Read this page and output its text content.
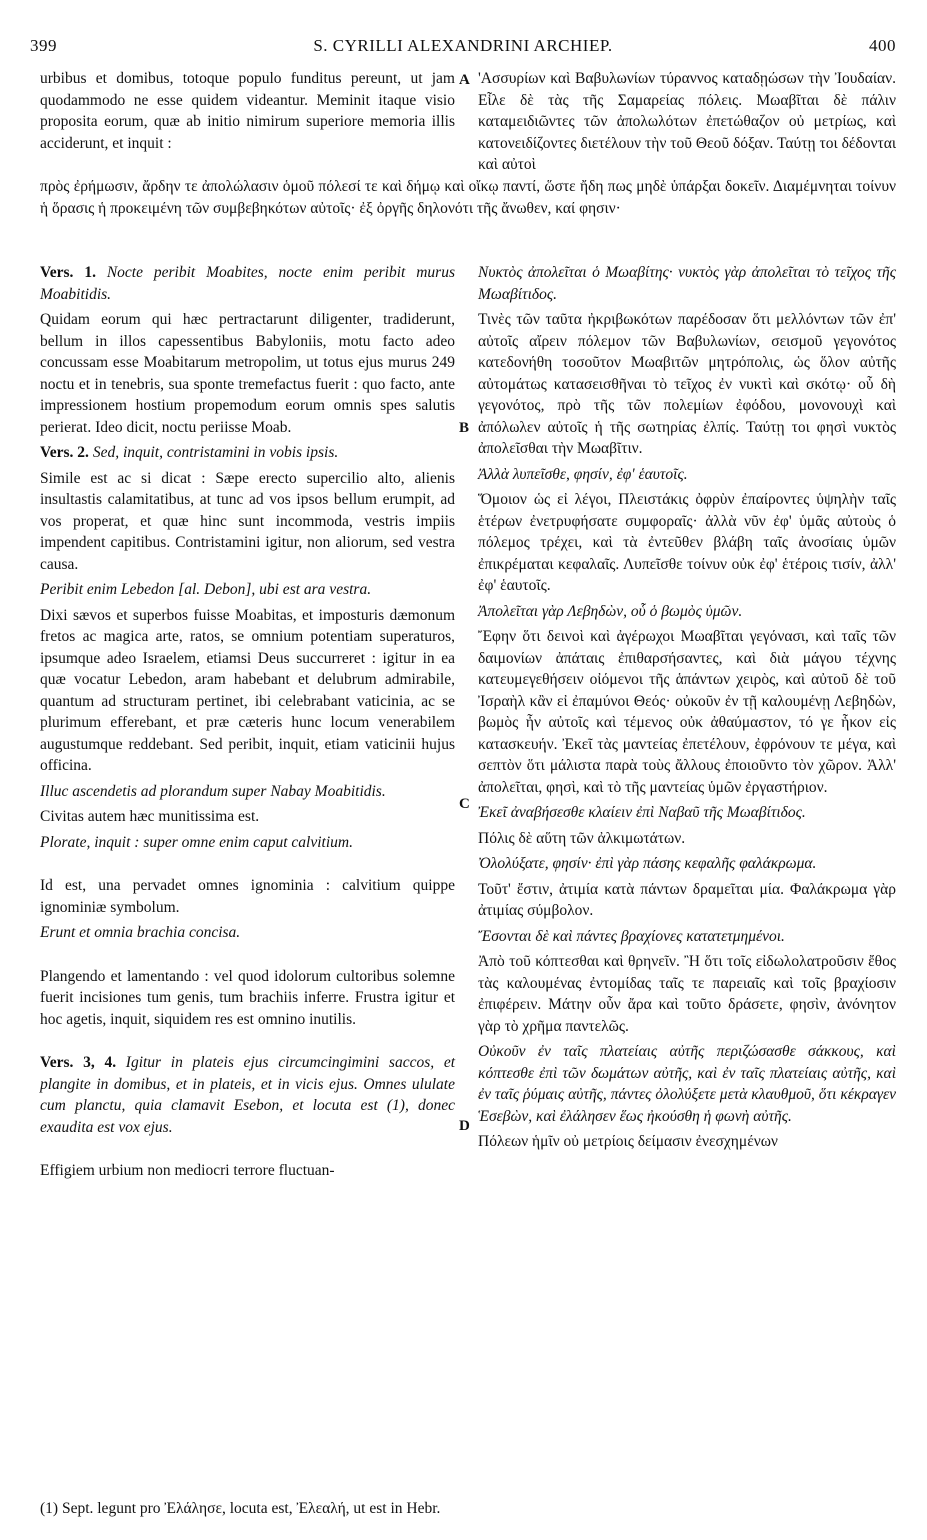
399	S. CYRILLI ALEXANDRINI ARCHIEP.	400

urbibus et domibus, totoque populo funditus pereunt, ut jam quodammodo ne esse quidem videantur. Meminit itaque visio proposita eorum, quæ ab initio nimirum superiore memoria illis acciderunt, et inquit :

'Ασσυρίων καὶ Βαβυλωνίων τύραννος καταδῃώσων τὴν Ἰουδαίαν. Εἷλε δὲ τὰς τῆς Σαμαρείας πόλεις. Μωαβῖται δὲ πάλιν καταμειδιῶντες τῶν ἀπολωλότων ἐπετώθαζον οὐ μετρίως, καὶ κατονειδίζοντες διετέλουν τὴν τοῦ Θεοῦ δόξαν. Ταύτῃ τοι δέδονται καὶ αὐτοὶ

A
πρὸς ἐρήμωσιν, ἄρδην τε ἀπολώλασιν ὁμοῦ πόλεσί τε καὶ δήμῳ καὶ οἴκῳ παντί, ὥστε ἤδη πως μηδὲ ὑπάρξαι δοκεῖν. Διαμέμνηται τοίνυν ἡ ὅρασις ἡ προκειμένη τῶν συμβεβηκότων αὐτοῖς· ἐξ ὀργῆς δηλονότι τῆς ἄνωθεν, καί φησιν·

Vers. 1. Nocte peribit Moabites, nocte enim peribit murus Moabitidis.

Quidam eorum qui hæc pertractarunt diligenter, tradiderunt, bellum in illos capessentibus Babyloniis, motu facto adeo concussam esse Moabitarum metropolim, ut totus ejus murus 249 noctu et in tenebris, sua sponte tremefactus fuerit : quo facto, ante impressionem hostium propemodum eorum omnis spes salutis perierat. Ideo dicit, noctu periisse Moab.

Vers. 2. Sed, inquit, contristamini in vobis ipsis.

Simile est ac si dicat : Sæpe erecto supercilio alto, alienis insultastis calamitatibus, at tunc ad vos ipsos bellum erumpit, ad vos properat, et quæ hinc sunt incommoda, vestris impiis impendent capitibus. Contristamini igitur, non aliorum, sed vestra causa.

Peribit enim Lebedon [al. Debon], ubi est ara vestra.

Dixi sævos et superbos fuisse Moabitas, et imposturis dæmonum fretos ac magica arte, ratos, se omnium potentiam superaturos, ipsumque adeo Israelem, etiamsi Deus succurreret : igitur in ea quæ vocatur Lebedon, aram habebant et delubrum admirabile, quantum ad structuram pertinet, ibi celebrabant vaticinia, ac se plurimum efferebant, et præ cæteris hunc locum venerabilem augustumque reddebant. Sed peribit, inquit, etiam vaticinii hujus officina.

Illuc ascendetis ad plorandum super Nabay Moabitidis.

Civitas autem hæc munitissima est.

Plorate, inquit : super omne enim caput calvitium.

Id est, una pervadet omnes ignominia : calvitium quippe ignominiæ symbolum.

Erunt et omnia brachia concisa.

Plangendo et lamentando : vel quod idolorum cultoribus solemne fuerit incisiones tum genis, tum brachiis inferre. Frustra igitur et hoc agetis, inquit, siquidem res est omnino inutilis.

Vers. 3, 4. Igitur in plateis ejus circumcingimini saccos, et plangite in domibus, et in plateis, et in vicis ejus. Omnes ululate cum planctu, quia clamavit Esebon, et locuta est (1), donec exaudita est vox ejus.

Effigiem urbium non mediocri terrore fluctuan-

Νυκτὸς ἀπολεῖται ὁ Μωαβίτης· νυκτὸς γὰρ ἀπολεῖται τὸ τεῖχος τῆς Μωαβίτιδος.

Τινὲς τῶν ταῦτα ἠκριβωκότων παρέδοσαν ὅτι μελλόντων τῶν ἐπ' αὐτοῖς αἴρειν πόλεμον τῶν Βαβυλωνίων, σεισμοῦ γεγονότος κατεδονήθη τοσοῦτον Μωαβιτῶν μητρόπολις, ὡς ὅλον αὐτῆς αὐτομάτως κατασεισθῆναι τὸ τεῖχος ἐν νυκτὶ καὶ σκότῳ· οὗ δὴ γεγονότος, πρὸ τῆς τῶν πολεμίων ἐφόδου, μονονουχὶ καὶ ἀπόλωλεν αὐτοῖς ἡ τῆς σωτηρίας ἐλπίς. Ταύτῃ τοι φησὶ νυκτὸς ἀπολεῖσθαι τὴν Μωαβῖτιν.

Ἀλλὰ λυπεῖσθε, φησίν, ἐφ' ἑαυτοῖς.

Ὅμοιον ὡς εἰ λέγοι, Πλειστάκις ὀφρὺν ἐπαίροντες ὑψηλὴν ταῖς ἑτέρων ἐνετρυφήσατε συμφοραῖς· ἀλλὰ νῦν ἐφ' ὑμᾶς αὐτοὺς ὁ πόλεμος τρέχει, καὶ τὰ ἐντεῦθεν βλάβη ταῖς ἀνοσίαις ὑμῶν ἐπικρέμαται κεφαλαῖς. Λυπεῖσθε τοίνυν οὐκ ἐφ' ἑτέροις τισίν, ἀλλ' ἐφ' ἑαυτοῖς.

Ἀπολεῖται γὰρ Λεβηδὼν, οὗ ὁ βωμὸς ὑμῶν.

Ἔφην ὅτι δεινοὶ καὶ ἀγέρωχοι Μωαβῖται γεγόνασι, καὶ ταῖς τῶν δαιμονίων ἀπάταις ἐπιθαρσήσαντες, καὶ διὰ μάγου τέχνης κατευμεγεθήσειν οἰόμενοι τῆς ἁπάντων χειρὸς, καὶ αὐτοῦ δὲ τοῦ Ἰσραὴλ κἂν εἰ ἐπαμύνοι Θεός· οὐκοῦν ἐν τῇ καλουμένῃ Λεβηδὼν, βωμὸς ἦν αὐτοῖς καὶ τέμενος οὐκ ἀθαύμαστον, τό γε ἧκον εἰς κατασκευήν. Ἐκεῖ τὰς μαντείας ἐπετέλουν, ἐφρόνουν τε μέγα, καὶ σεπτὸν ὅτι μάλιστα παρὰ τοὺς ἄλλους ἐποιοῦντο τὸν χῶρον. Ἀλλ' ἀπολεῖται, φησὶ, καὶ τὸ τῆς μαντείας ὑμῶν ἐργαστήριον.

Ἐκεῖ ἀναβήσεσθε κλαίειν ἐπὶ Ναβαῦ τῆς Μωαβίτιδος.

Πόλις δὲ αὕτη τῶν ἀλκιμωτάτων.

Ὀλολύξατε, φησίν· ἐπὶ γὰρ πάσης κεφαλῆς φαλάκρωμα.

Τοῦτ' ἔστιν, ἀτιμία κατὰ πάντων δραμεῖται μία. Φαλάκρωμα γὰρ ἀτιμίας σύμβολον.

Ἔσονται δὲ καὶ πάντες βραχίονες κατατετμημένοι.

Ἀπὸ τοῦ κόπτεσθαι καὶ θρηνεῖν. Ἢ ὅτι τοῖς εἰδωλολατροῦσιν ἔθος τὰς καλουμένας ἐντομίδας ταῖς τε παρειαῖς καὶ τοῖς βραχίοσιν ἐπιφέρειν. Μάτην οὖν ἄρα καὶ τοῦτο δράσετε, φησὶν, ἀνόνητον γὰρ τὸ χρῆμα παντελῶς.

Οὐκοῦν ἐν ταῖς πλατείαις αὐτῆς περιζώσασθε σάκκους, καὶ κόπτεσθε ἐπὶ τῶν δωμάτων αὐτῆς, καὶ ἐν ταῖς πλατείαις αὐτῆς, καὶ ἐν ταῖς ῥύμαις αὐτῆς, πάντες ὀλολύξετε μετὰ κλαυθμοῦ, ὅτι κέκραγεν Ἑσεβὼν, καὶ ἐλάλησεν ἕως ἠκούσθη ἡ φωνὴ αὐτῆς.

Πόλεων ἡμῖν οὐ μετρίοις δείμασιν ἐνεσχημένων

B
C
D
(1) Sept. legunt pro Ἐλάλησε, locuta est, Ἐλεαλή, ut est in Hebr.
